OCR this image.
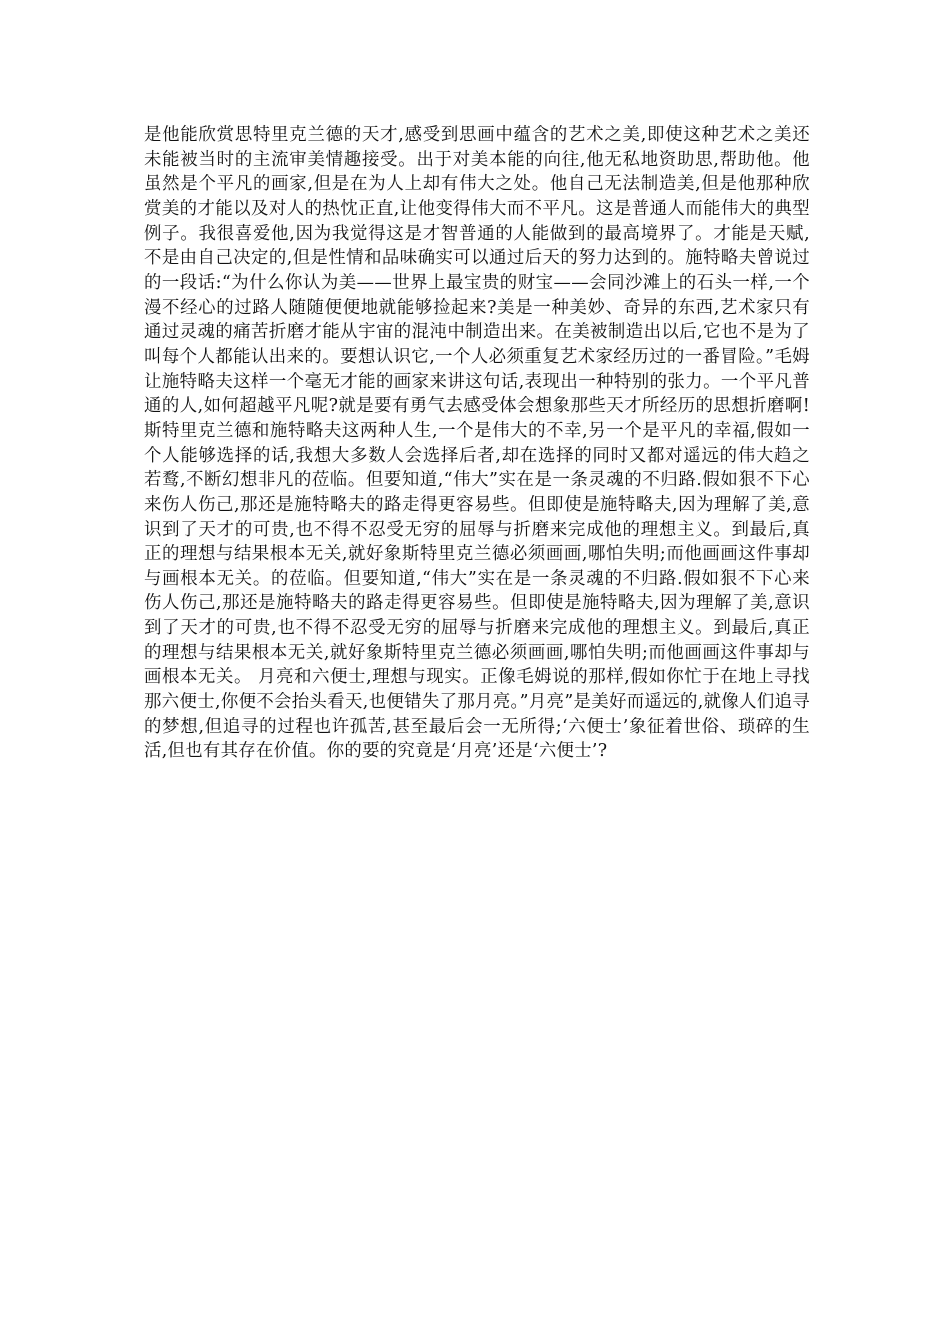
是他能欣赏思特里克兰德的天才,感受到思画中蕴含的艺术之美,即使这种艺术之美还未能被当时的主流审美情趣接受。出于对美本能的向往,他无私地资助思,帮助他。他虽然是个平凡的画家,但是在为人上却有伟大之处。他自己无法制造美,但是他那种欣赏美的才能以及对人的热忱正直,让他变得伟大而不平凡。这是普通人而能伟大的典型例子。我很喜爱他,因为我觉得这是才智普通的人能做到的最高境界了。才能是天赋,不是由自己决定的,但是性情和品味确实可以通过后天的努力达到的。施特略夫曾说过的一段话:“为什么你认为美——世界上最宝贵的财宝——会同沙滩上的石头一样,一个漫不经心的过路人随随便便地就能够捡起来?美是一种美妙、奇异的东西,艺术家只有通过灵魂的痛苦折磨才能从宇宙的混沌中制造出来。在美被制造出以后,它也不是为了叫每个人都能认出来的。要想认识它,一个人必须重复艺术家经历过的一番冒险。”毛姆让施特略夫这样一个毫无才能的画家来讲这句话,表现出一种特别的张力。一个平凡普通的人,如何超越平凡呢?就是要有勇气去感受体会想象那些天才所经历的思想折磨啊!斯特里克兰德和施特略夫这两种人生,一个是伟大的不幸,另一个是平凡的幸福,假如一个人能够选择的话,我想大多数人会选择后者,却在选择的同时又都对遥远的伟大趋之若鹜,不断幻想非凡的莅临。但要知道,“伟大”实在是一条灵魂的不归路.假如狠不下心来伤人伤己,那还是施特略夫的路走得更容易些。但即使是施特略夫,因为理解了美,意识到了天才的可贵,也不得不忍受无穷的屈辱与折磨来完成他的理想主义。到最后,真正的理想与结果根本无关,就好象斯特里克兰德必须画画,哪怕失明;而他画画这件事却与画根本无关。的莅临。但要知道,“伟大”实在是一条灵魂的不归路.假如狠不下心来伤人伤己,那还是施特略夫的路走得更容易些。但即使是施特略夫,因为理解了美,意识到了天才的可贵,也不得不忍受无穷的屈辱与折磨来完成他的理想主义。到最后,真正的理想与结果根本无关,就好象斯特里克兰德必须画画,哪怕失明;而他画画这件事却与画根本无关。 月亮和六便士,理想与现实。正像毛姆说的那样,假如你忙于在地上寻找那六便士,你便不会抬头看天,也便错失了那月亮。”月亮”是美好而遥远的,就像人们追寻的梦想,但追寻的过程也许孤苦,甚至最后会一无所得;‘六便士’象征着世俗、琐碎的生活,但也有其存在价值。你的要的究竟是‘月亮’还是‘六便士’?
